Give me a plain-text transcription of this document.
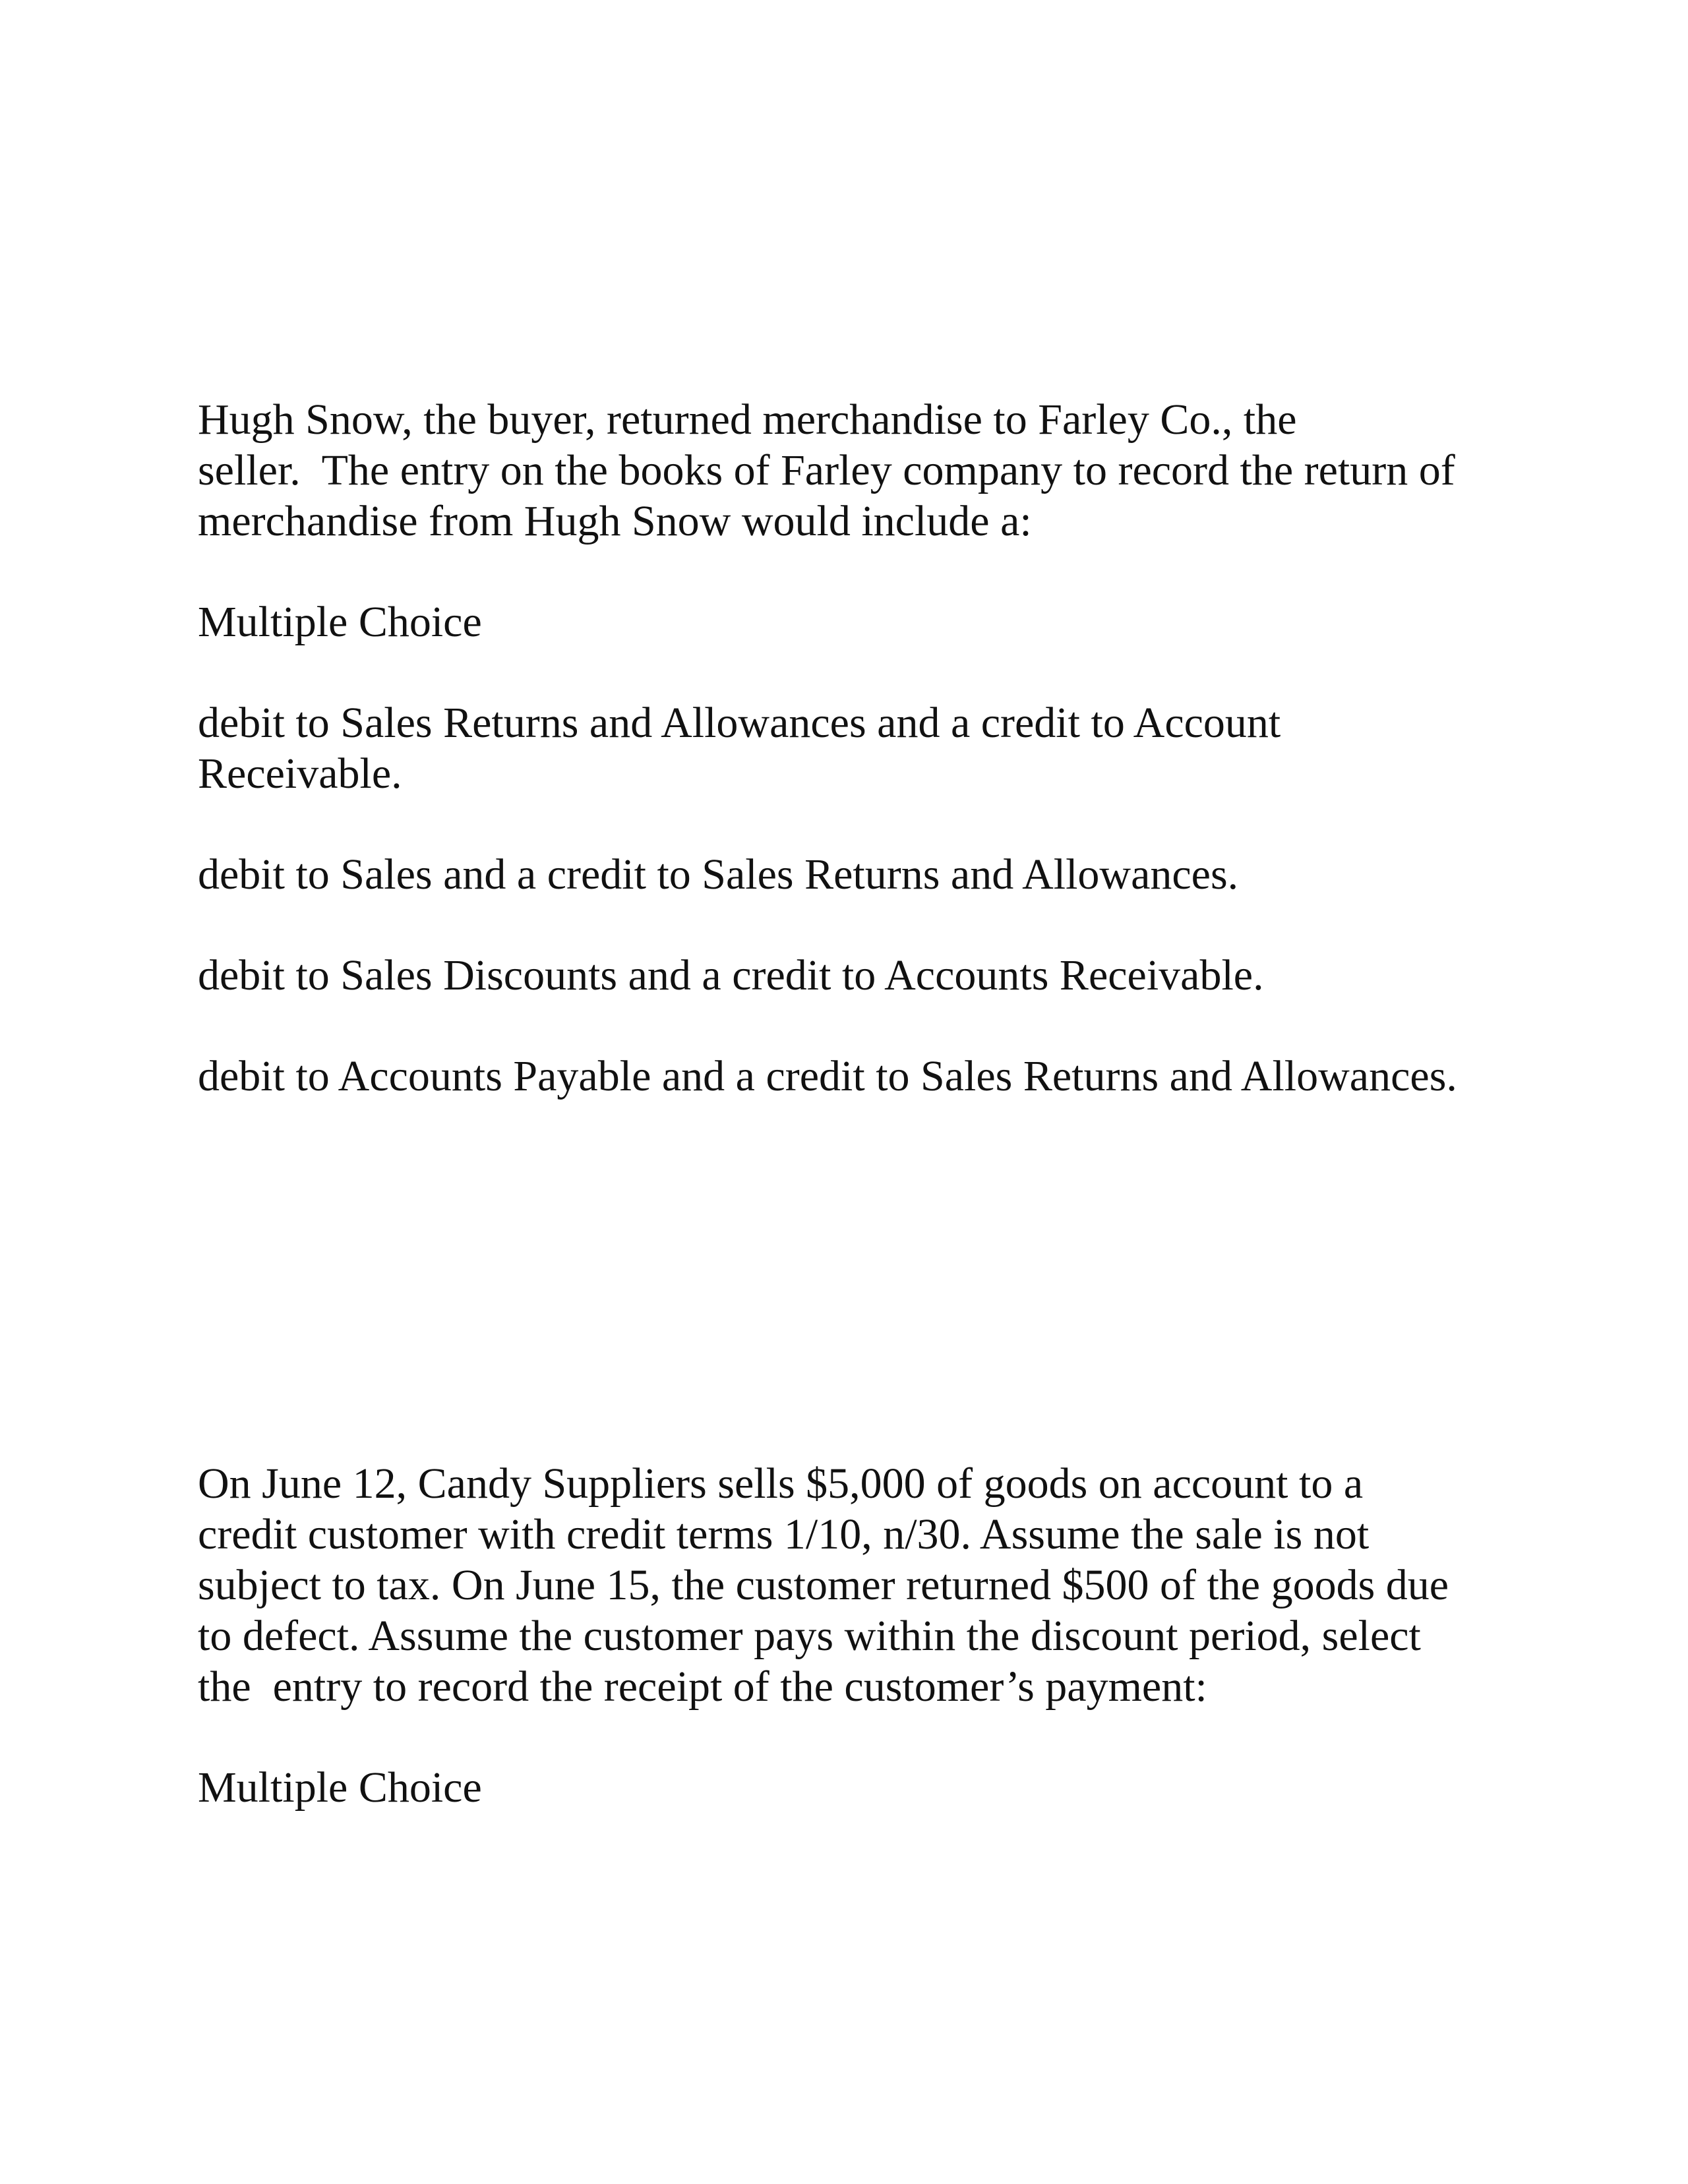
Hugh Snow, the buyer, returned merchandise to Farley Co., the
seller.  The entry on the books of Farley company to record the return of
merchandise from Hugh Snow would include a:
Multiple Choice
debit to Sales Returns and Allowances and a credit to Account
Receivable.
debit to Sales and a credit to Sales Returns and Allowances.
debit to Sales Discounts and a credit to Accounts Receivable.
debit to Accounts Payable and a credit to Sales Returns and Allowances.
On June 12, Candy Suppliers sells $5,000 of goods on account to a
credit customer with credit terms 1/10, n/30. Assume the sale is not
subject to tax. On June 15, the customer returned $500 of the goods due
to defect. Assume the customer pays within the discount period, select
the  entry to record the receipt of the customer’s payment:
Multiple Choice
